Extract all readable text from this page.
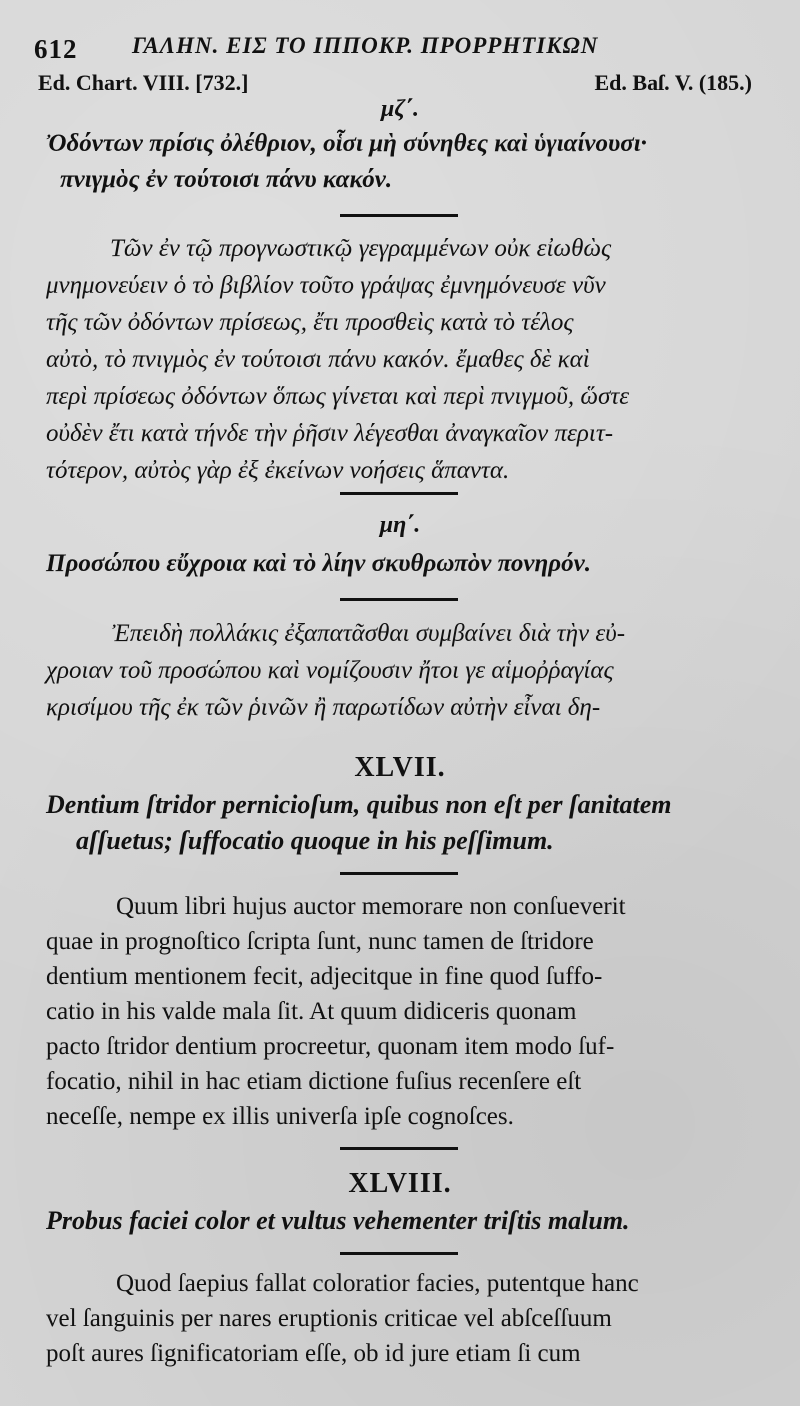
612 ΓΑΛΗΝ. ΕΙΣ ΤΟ ΙΠΠΟΚΡ. ΠΡΟΡΡΗΤΙΚΩΝ
Ed. Chart. VIII. [732.]	Ed. Baſ. V. (185.)
μζ΄.
Ὀδόντων πρίσις ὀλέθριον, οἷσι μὴ σύνηθες καὶ ὑγιαίνουσι·
πνιγμὸς ἐν τούτοισι πάνυ κακόν.
Τῶν ἐν τῷ προγνωστικῷ γεγραμμένων οὐκ εἰωθὼς
μνημονεύειν ὁ τὸ βιβλίον τοῦτο γράψας ἐμνημόνευσε νῦν
τῆς τῶν ὀδόντων πρίσεως, ἔτι προσθεὶς κατὰ τὸ τέλος
αὐτὸ, τὸ πνιγμὸς ἐν τούτοισι πάνυ κακόν. ἔμαθες δὲ καὶ
περὶ πρίσεως ὀδόντων ὅπως γίνεται καὶ περὶ πνιγμοῦ, ὥστε
οὐδὲν ἔτι κατὰ τήνδε τὴν ῥῆσιν λέγεσθαι ἀναγκαῖον περιτ-
τότερον, αὐτὸς γὰρ ἐξ ἐκείνων νοήσεις ἅπαντα.
μη΄.
Προσώπου εὔχροια καὶ τὸ λίην σκυθρωπὸν πονηρόν.
Ἐπειδὴ πολλάκις ἐξαπατᾶσθαι συμβαίνει διὰ τὴν εὐ-
χροιαν τοῦ προσώπου καὶ νομίζουσιν ἤτοι γε αἱμοῤῥαγίας
κρισίμου τῆς ἐκ τῶν ῥινῶν ἢ παρωτίδων αὐτὴν εἶναι δη-
XLVII.
Dentium ſtridor pernicioſum, quibus non eſt per ſanitatem
aſſuetus; ſuffocatio quoque in his peſſimum.
Quum libri hujus auctor memorare non conſueverit
quae in prognoſtico ſcripta ſunt, nunc tamen de ſtridore
dentium mentionem fecit, adjecitque in fine quod ſuffo-
catio in his valde mala ſit. At quum didiceris quonam
pacto ſtridor dentium procreetur, quonam item modo ſuf-
focatio, nihil in hac etiam dictione fuſius recenſere eſt
neceſſe, nempe ex illis univerſa ipſe cognoſces.
XLVIII.
Probus faciei color et vultus vehementer triſtis malum.
Quod ſaepius fallat coloratior facies, putentque hanc
vel ſanguinis per nares eruptionis criticae vel abſceſſuum
poſt aures ſignificatoriam eſſe, ob id jure etiam ſi cum
